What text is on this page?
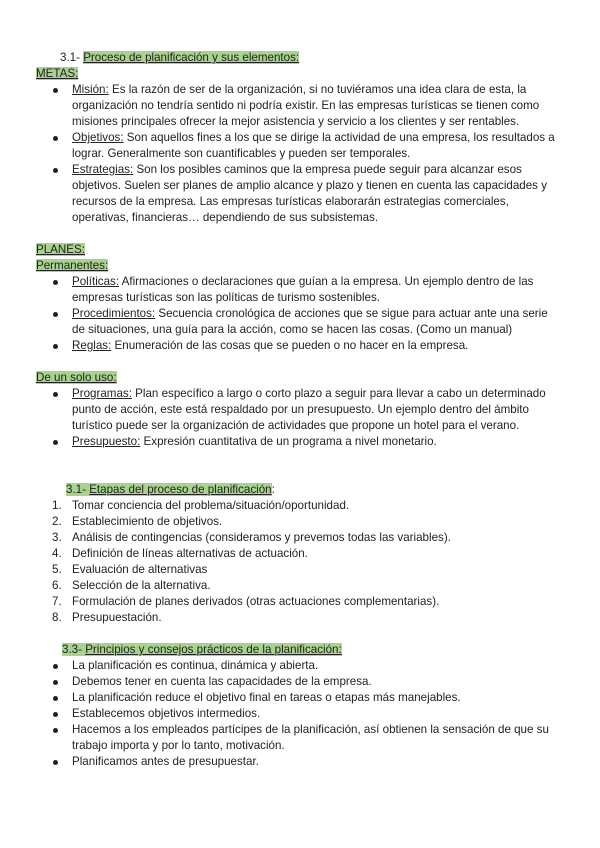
3.1- Proceso de planificación y sus elementos:
METAS:
Misión: Es la razón de ser de la organización, si no tuviéramos una idea clara de esta, la organización no tendría sentido ni podría existir. En las empresas turísticas se tienen como misiones principales ofrecer la mejor asistencia y servicio a los clientes y ser rentables.
Objetivos: Son aquellos fines a los que se dirige la actividad de una empresa, los resultados a lograr. Generalmente son cuantificables y pueden ser temporales.
Estrategias: Son los posibles caminos que la empresa puede seguir para alcanzar esos objetivos. Suelen ser planes de amplio alcance y plazo y tienen en cuenta las capacidades y recursos de la empresa. Las empresas turísticas elaborarán estrategias comerciales, operativas, financieras… dependiendo de sus subsistemas.
PLANES:
Permanentes:
Políticas: Afirmaciones o declaraciones que guían a la empresa. Un ejemplo dentro de las empresas turísticas son las políticas de turismo sostenibles.
Procedimientos: Secuencia cronológica de acciones que se sigue para actuar ante una serie de situaciones, una guía para la acción, como se hacen las cosas. (Como un manual)
Reglas: Enumeración de las cosas que se pueden o no hacer en la empresa.
De un solo uso:
Programas: Plan específico a largo o corto plazo a seguir para llevar a cabo un determinado punto de acción, este está respaldado por un presupuesto. Un ejemplo dentro del ámbito turístico puede ser la organización de actividades que propone un hotel para el verano.
Presupuesto: Expresión cuantitativa de un programa a nivel monetario.
3.1- Etapas del proceso de planificación:
1. Tomar conciencia del problema/situación/oportunidad.
2. Establecimiento de objetivos.
3. Análisis de contingencias (consideramos y prevemos todas las variables).
4. Definición de líneas alternativas de actuación.
5. Evaluación de alternativas
6. Selección de la alternativa.
7. Formulación de planes derivados (otras actuaciones complementarias).
8. Presupuestación.
3.3- Principios y consejos prácticos de la planificación:
La planificación es continua, dinámica y abierta.
Debemos tener en cuenta las capacidades de la empresa.
La planificación reduce el objetivo final en tareas o etapas más manejables.
Establecemos objetivos intermedios.
Hacemos a los empleados partícipes de la planificación, así obtienen la sensación de que su trabajo importa y por lo tanto, motivación.
Planificamos antes de presupuestar.
